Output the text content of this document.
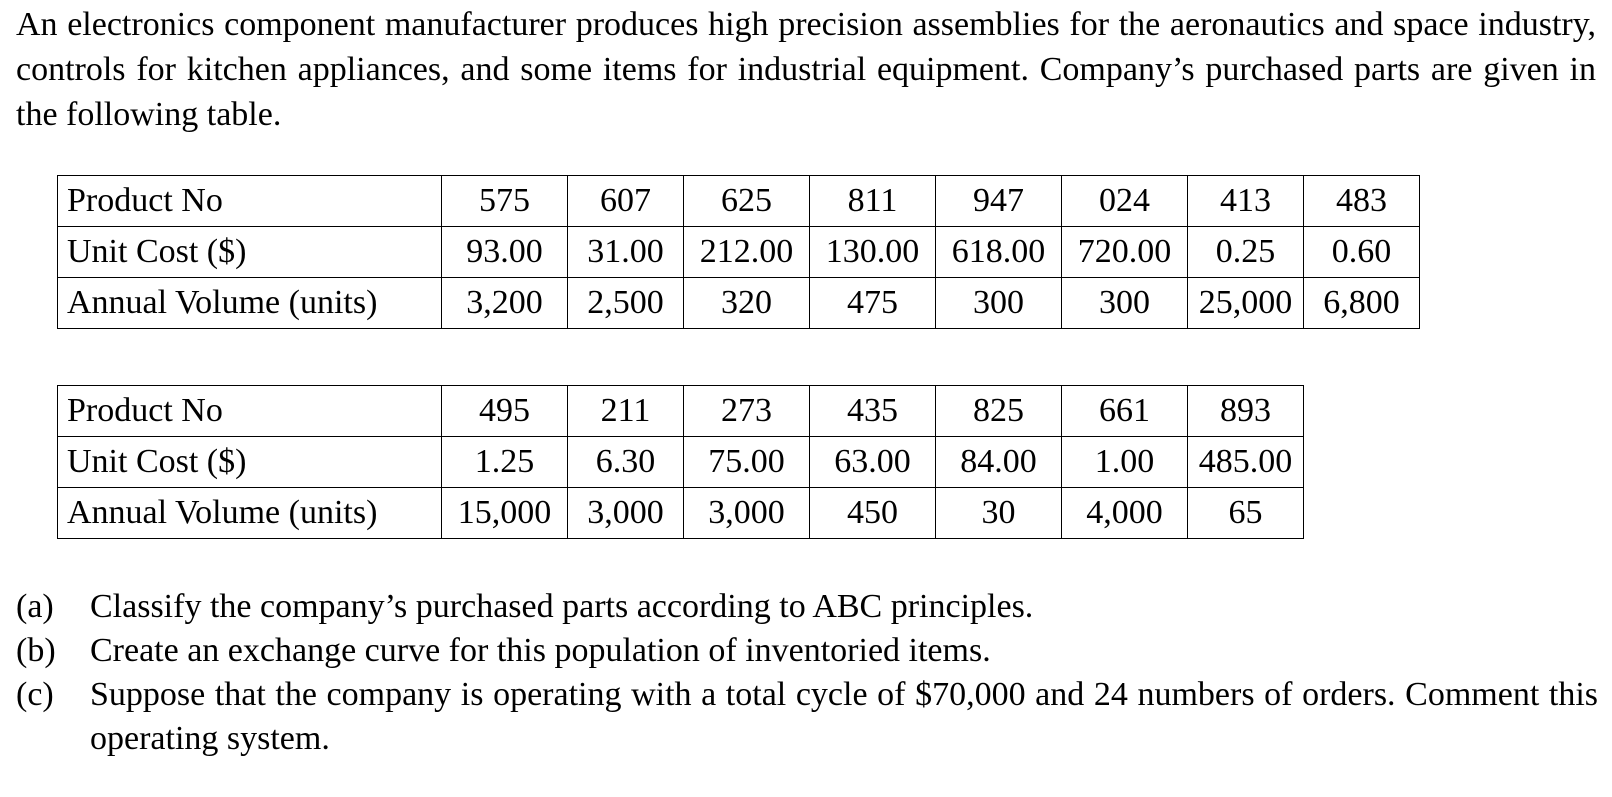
An electronics component manufacturer produces high precision assemblies for the aeronautics and space industry, controls for kitchen appliances, and some items for industrial equipment. Company’s purchased parts are given in the following table.

Product No	575	607	625	811	947	024	413	483
Unit Cost ($)	93.00	31.00	212.00	130.00	618.00	720.00	0.25	0.60
Annual Volume (units)	3,200	2,500	320	475	300	300	25,000	6,800
Product No	495	211	273	435	825	661	893
Unit Cost ($)	1.25	6.30	75.00	63.00	84.00	1.00	485.00
Annual Volume (units)	15,000	3,000	3,000	450	30	4,000	65
(a)	Classify the company’s purchased parts according to ABC principles.
(b)	Create an exchange curve for this population of inventoried items.
(c)	Suppose that the company is operating with a total cycle of $70,000 and 24 numbers of orders. Comment this operating system.
